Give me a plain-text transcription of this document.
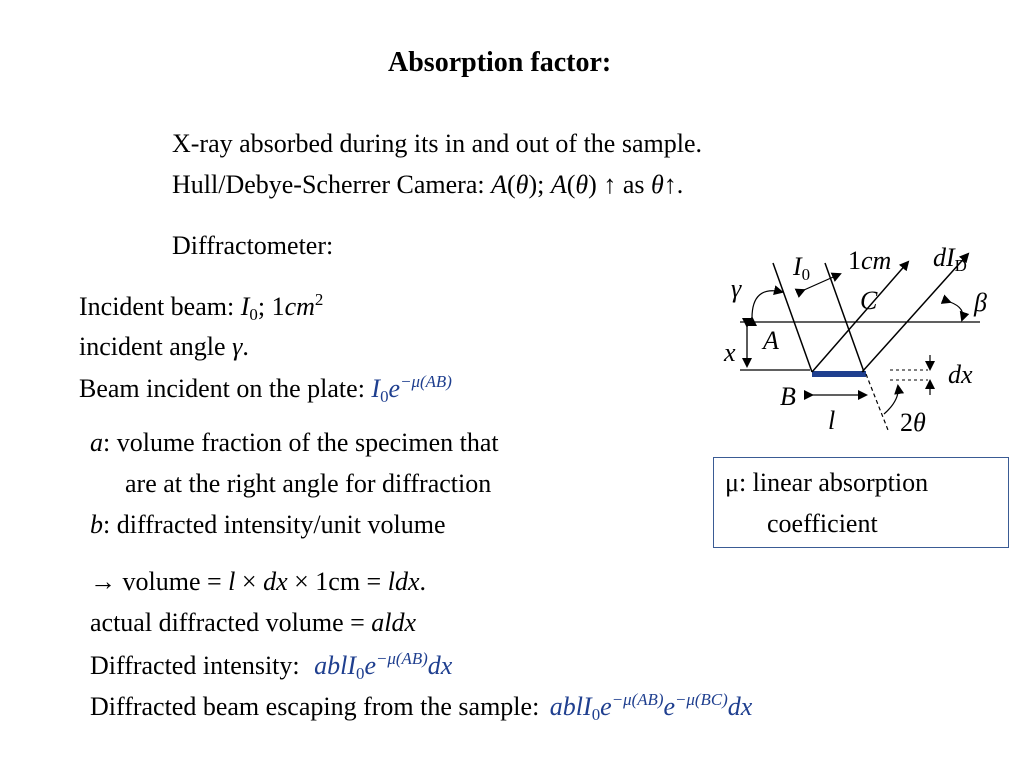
Absorption factor:
X-ray absorbed during its in and out of the sample.
Hull/Debye-Scherrer Camera: A(θ); A(θ) ↑ as θ↑.
Diffractometer:
Incident beam: $I_0$; $1cm^2$
incident angle γ.
Beam incident on the plate: $I_0e^{-\mu(AB)}$
a: volume fraction of the specimen that
are at the right angle for diffraction
b: diffracted intensity/unit volume
→ volume = l × dx × 1cm = ldx.
actual diffracted volume = aldx
Diffracted intensity: $ablI_0e^{-\mu(AB)}dx$
Diffracted beam escaping from the sample: $ablI_0e^{-\mu(AB)}e^{-\mu(BC)}dx$
μ: linear absorption
coefficient
$I_0$ 1cm $dI_D$
γ	β
C
A
x
B
dx
l 2θ
